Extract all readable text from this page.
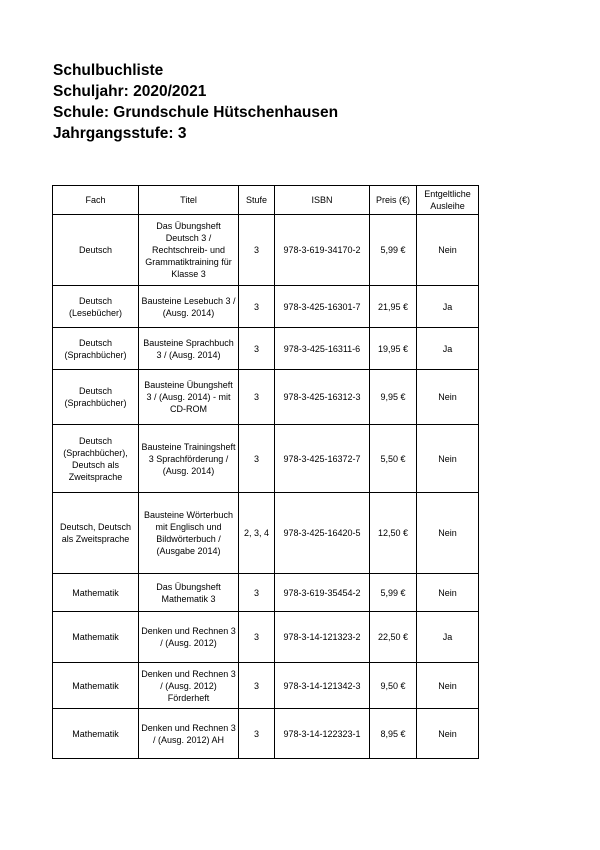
Schulbuchliste
Schuljahr: 2020/2021
Schule: Grundschule Hütschenhausen
Jahrgangsstufe: 3
Fach	Titel	Stufe	ISBN	Preis (€)	Entgeltliche Ausleihe
Deutsch	Das Übungsheft Deutsch 3 / Rechtschreib- und Grammatiktraining für Klasse 3	3	978-3-619-34170-2	5,99 €	Nein
Deutsch (Lesebücher)	Bausteine Lesebuch 3 / (Ausg. 2014)	3	978-3-425-16301-7	21,95 €	Ja
Deutsch (Sprachbücher)	Bausteine Sprachbuch 3 / (Ausg. 2014)	3	978-3-425-16311-6	19,95 €	Ja
Deutsch (Sprachbücher)	Bausteine Übungsheft 3 / (Ausg. 2014) - mit CD-ROM	3	978-3-425-16312-3	9,95 €	Nein
Deutsch (Sprachbücher), Deutsch als Zweitsprache	Bausteine Trainingsheft 3 Sprachförderung / (Ausg. 2014)	3	978-3-425-16372-7	5,50 €	Nein
Deutsch, Deutsch als Zweitsprache	Bausteine Wörterbuch mit Englisch und Bildwörterbuch / (Ausgabe 2014)	2, 3, 4	978-3-425-16420-5	12,50 €	Nein
Mathematik	Das Übungsheft Mathematik 3	3	978-3-619-35454-2	5,99 €	Nein
Mathematik	Denken und Rechnen 3 / (Ausg. 2012)	3	978-3-14-121323-2	22,50 €	Ja
Mathematik	Denken und Rechnen 3 / (Ausg. 2012) Förderheft	3	978-3-14-121342-3	9,50 €	Nein
Mathematik	Denken und Rechnen 3 / (Ausg. 2012) AH	3	978-3-14-122323-1	8,95 €	Nein
